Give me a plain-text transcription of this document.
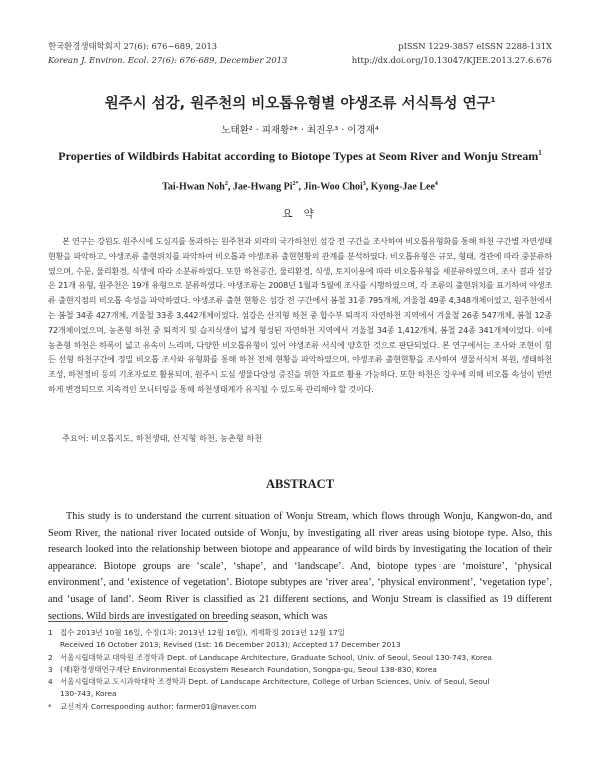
한국환경생태학회지 27(6): 676~689, 2013
Korean J. Environ. Ecol. 27(6): 676-689, December 2013
pISSN 1229-3857 eISSN 2288-131X
http://dx.doi.org/10.13047/KJEE.2013.27.6.676
원주시 섬강, 원주천의 비오톱유형별 야생조류 서식특성 연구$^1$
노태환² · 피재황²* · 최진우³ · 이경재⁴
Properties of Wildbirds Habitat according to Biotope Types at Seom River and Wonju Stream$^1$
Tai-Hwan Noh$^2$, Jae-Hwang $Pi^{2*}$, Jin-Woo Choi$^3$, Kyong-Jae Lee$^4$
요 약
본 연구는 강원도 원주시에 도심지를 통과하는 원주천과 외곽의 국가하천인 섬강 전 구간을 조사하여 비오톱유형화를 통해 하천 구간별 자연생태 현황을 파악하고, 야생조류 출현위치를 파악하여 비오톱과 야생조류 출현현황의 관계를 분석하였다. 비오톱유형은 규모, 형태, 경관에 따라 중분류하였으며, 수문, 물리환경, 식생에 따라 소분류하였다. 또한 하천공간, 물리환경, 식생, 토지이용에 따라 비오톱유형을 세분류하였으며, 조사 결과 섬강은 21개 유형, 원주천은 19개 유형으로 분류하였다. 야생조류는 2008년 1월과 5월에 조사를 시행하였으며, 각 조류의 출현위치를 표기하여 야생조류 출현지점의 비오톱 속성을 파악하였다. 야생조류 출현 현황은 섬강 전 구간에서 봄철 31종 795개체, 겨울철 49종 4,348개체이었고, 원주천에서는 봄철 34종 427개체, 겨울철 33종 3,442개체이었다. 섬강은 산지형 하천 중 합수부 퇴적지 자연하천 지역에서 겨울철 26종 547개체, 봄철 12종 72개체이었으며, 농촌형 하천 중 퇴적지 및 습지식생이 넓게 형성된 자연하천 지역에서 겨울철 34종 1,412개체, 봄철 24종 341개체이었다. 이에 농촌형 하천은 하폭이 넓고 유속이 느리며, 다양한 비오톱유형이 있어 야생조류 서식에 양호한 것으로 판단되었다. 본 연구에서는 조사와 조현이 힘든 선형 하천구간에 정밀 비오톱 조사와 유형화를 통해 하천 전체 현황을 파악하였으며, 야생조류 출현현황을 조사하여 생물서식처 복원, 생태하천 조성, 하천정비 등의 기초자료로 활용되며, 원주시 도심 생물다양성 증진을 위한 자료로 활용 가능하다. 또한 하천은 강우에 의해 비오톱 속성이 빈번하게 변경되므로 지속적인 모니터링을 통해 하천생태계가 유지될 수 있도록 관리해야 할 것이다.
주요어: 비오톱지도, 하천생태, 산지형 하천, 농촌형 하천
ABSTRACT
This study is to understand the current situation of Wonju Stream, which flows through Wonju, Kangwon-do, and Seom River, the national river located outside of Wonju, by investigating all river areas using biotope type. Also, this research looked into the relationship between biotope and appearance of wild birds by investigating the location of their appearance. Biotope groups are ‘scale’, ‘shape’, and ‘landscape’. And, biotope types are ‘moisture’, ‘physical environment’, and ‘existence of vegetation’. Biotope subtypes are ‘river area’, ‘physical environment’, ‘vegetation type’, and ‘usage of land’. Seom River is classified as 21 different sections, and Wonju Stream is classified as 19 different sections. Wild birds are investigated on breeding season, which was
1 접수 2013년 10월 16일, 수정(1차: 2013년 12월 16일), 게재확정 2013년 12월 17일
Received 16 October 2013; Revised (1st: 16 December 2013); Accepted 17 December 2013
2 서울시립대학교 대학원 조경학과 Dept. of Landscape Architecture, Graduate School, Univ. of Seoul, Seoul 130-743, Korea
3 (재)환경생태연구재단 Environmental Ecosystem Research Foundation, Songpa-gu, Seoul 138-830, Korea
4 서울시립대학교 도시과학대학 조경학과 Dept. of Landscape Architecture, College of Urban Sciences, Univ. of Seoul, Seoul
130-743, Korea
* 교신저자 Corresponding author: farmer01@naver.com
